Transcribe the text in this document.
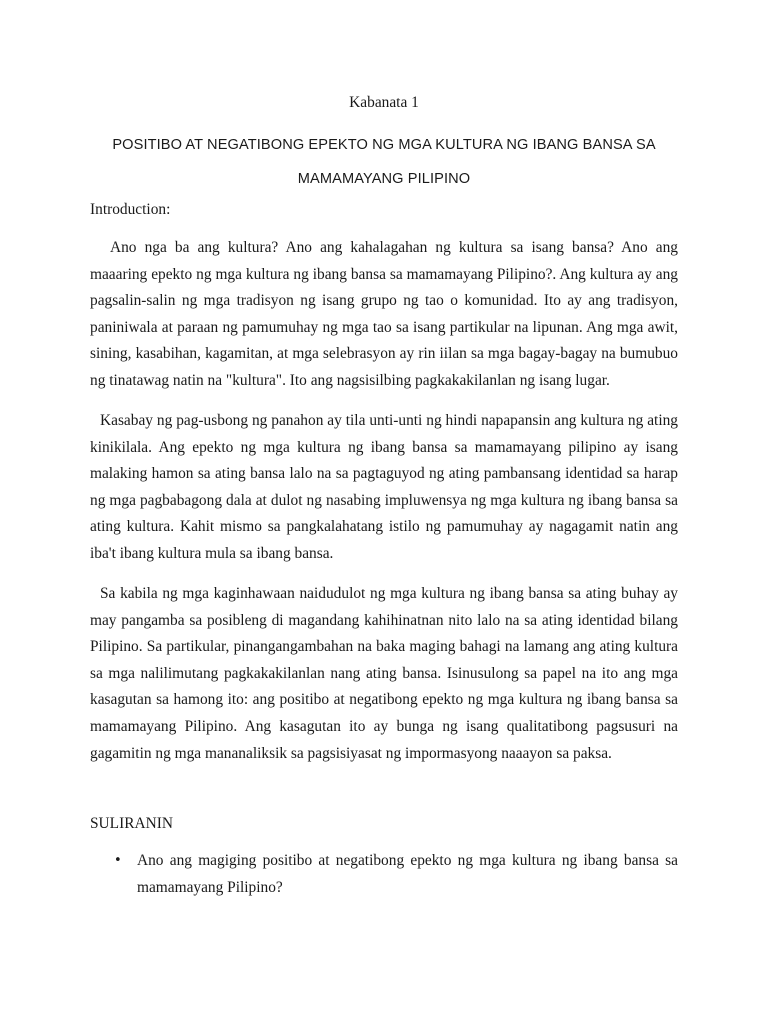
Kabanata 1
POSITIBO AT NEGATIBONG EPEKTO NG MGA KULTURA NG IBANG BANSA SA
MAMAMAYANG PILIPINO
Introduction:

Ano nga ba ang kultura? Ano ang kahalagahan ng kultura sa isang bansa? Ano ang maaaring epekto ng mga kultura ng ibang bansa sa mamamayang Pilipino?. Ang kultura ay ang pagsalin-salin ng mga tradisyon ng isang grupo ng tao o komunidad. Ito ay ang tradisyon, paniniwala at paraan ng pamumuhay ng mga tao sa isang partikular na lipunan. Ang mga awit, sining, kasabihan, kagamitan, at mga selebrasyon ay rin iilan sa mga bagay-bagay na bumubuo ng tinatawag natin na "kultura". Ito ang nagsisilbing pagkakakilanlan ng isang lugar.

Kasabay ng pag-usbong ng panahon ay tila unti-unti ng hindi napapansin ang kultura ng ating kinikilala. Ang epekto ng mga kultura ng ibang bansa sa mamamayang pilipino ay isang malaking hamon sa ating bansa lalo na sa pagtaguyod ng ating pambansang identidad sa harap ng mga pagbabagong dala at dulot ng nasabing impluwensya ng mga kultura ng ibang bansa sa ating kultura. Kahit mismo sa pangkalahatang istilo ng pamumuhay ay nagagamit natin ang iba't ibang kultura mula sa ibang bansa.

Sa kabila ng mga kaginhawaan naidudulot ng mga kultura ng ibang bansa sa ating buhay ay may pangamba sa posibleng di magandang kahihinatnan nito lalo na sa ating identidad bilang Pilipino. Sa partikular, pinangangambahan na baka maging bahagi na lamang ang ating kultura sa mga nalilimutang pagkakakilanlan nang ating bansa. Isinusulong sa papel na ito ang mga kasagutan sa hamong ito: ang positibo at negatibong epekto ng mga kultura ng ibang bansa sa mamamayang Pilipino. Ang kasagutan ito ay bunga ng isang qualitatibong pagsusuri na gagamitin ng mga mananaliksik sa pagsisiyasat ng impormasyong naaayon sa paksa.

SULIRANIN
• Ano ang magiging positibo at negatibong epekto ng mga kultura ng ibang bansa sa mamamayang Pilipino?
